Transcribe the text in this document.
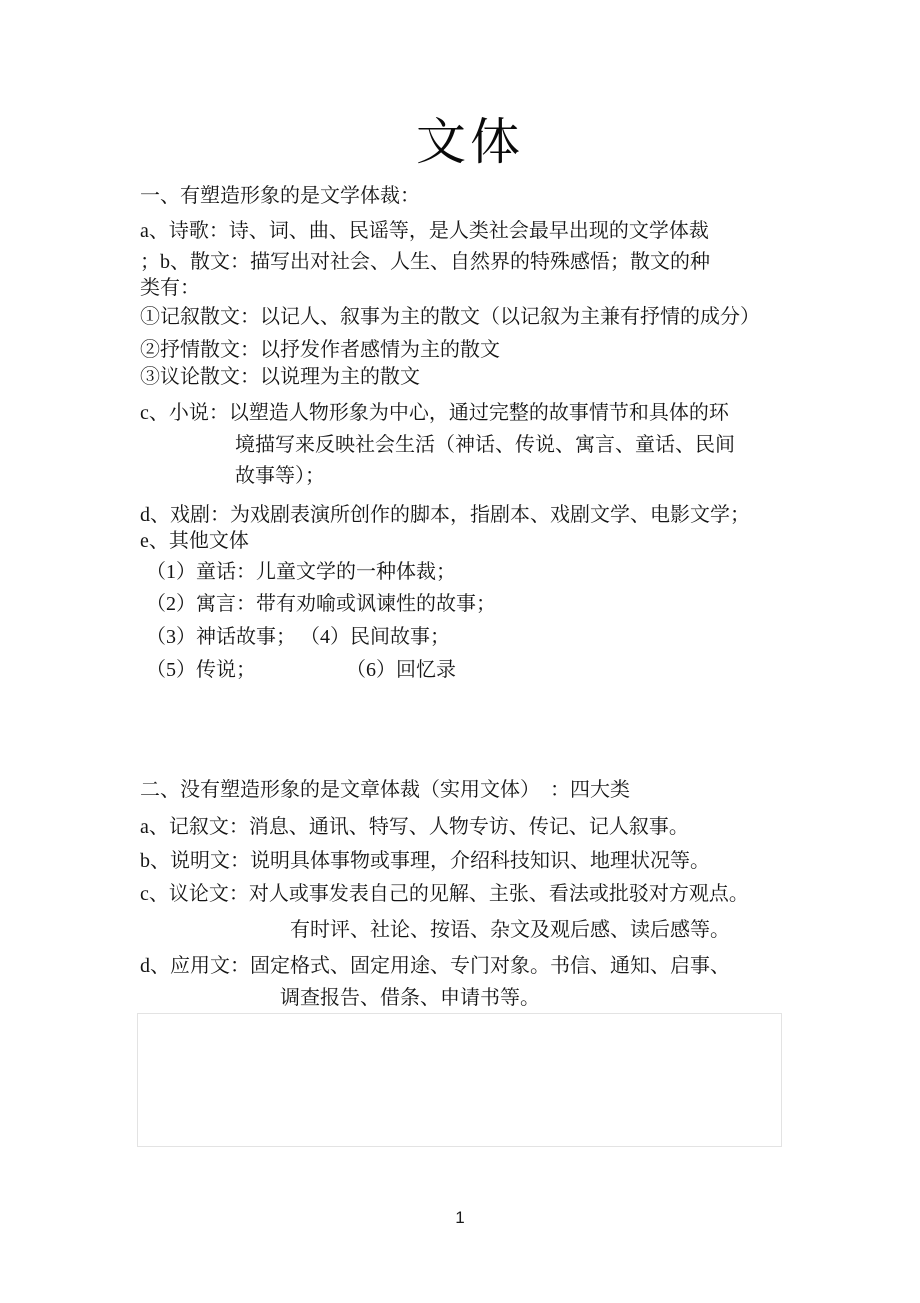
文体

一、有塑造形象的是文学体裁：

a、诗歌：诗、词、曲、民谣等，是人类社会最早出现的文学体裁

；b、散文：描写出对社会、人生、自然界的特殊感悟；散文的种

类有：

①记叙散文：以记人、叙事为主的散文（以记叙为主兼有抒情的成分）

②抒情散文：以抒发作者感情为主的散文

③议论散文：以说理为主的散文

c、小说：以塑造人物形象为中心，通过完整的故事情节和具体的环

境描写来反映社会生活（神话、传说、寓言、童话、民间

故事等）；

d、戏剧：为戏剧表演所创作的脚本，指剧本、戏剧文学、电影文学；

e、其他文体

（1）童话：儿童文学的一种体裁；

（2）寓言：带有劝喻或讽谏性的故事；

（3）神话故事； （4）民间故事；

（5）传说；	（6）回忆录

二、没有塑造形象的是文章体裁（实用文体）　：四大类

a、记叙文：消息、通讯、特写、人物专访、传记、记人叙事。

b、说明文：说明具体事物或事理，介绍科技知识、地理状况等。

c、议论文：对人或事发表自己的见解、主张、看法或批驳对方观点。

有时评、社论、按语、杂文及观后感、读后感等。

d、应用文：固定格式、固定用途、专门对象。书信、通知、启事、

调查报告、借条、申请书等。

1
